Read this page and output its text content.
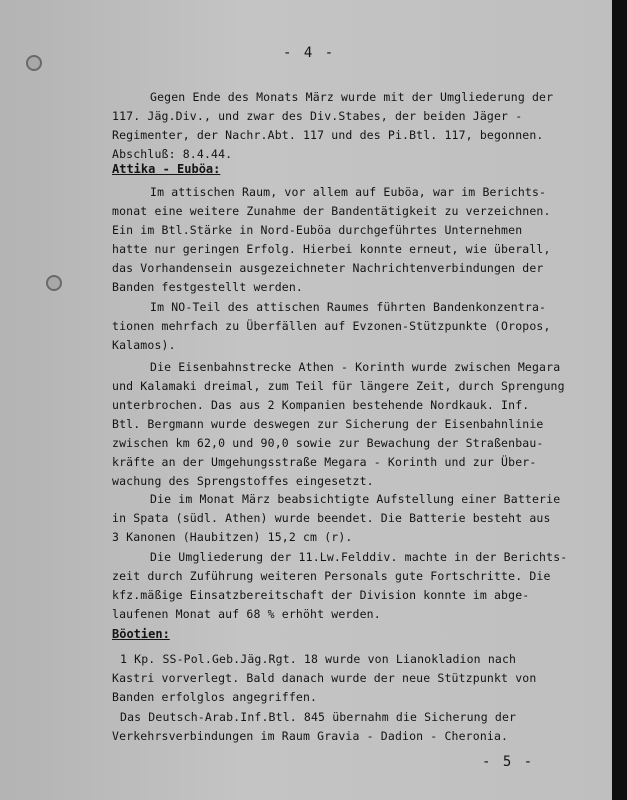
- 4 -
Gegen Ende des Monats März wurde mit der Umgliederung der
117. Jäg.Div., und zwar des Div.Stabes, der beiden Jäger -
Regimenter, der Nachr.Abt. 117 und des Pi.Btl. 117, begonnen.
Abschluß: 8.4.44.
Attika - Euböa:
Im attischen Raum, vor allem auf Euböa, war im Berichts-
monat eine weitere Zunahme der Bandentätigkeit zu verzeichnen.
Ein im Btl.Stärke in Nord-Euböa durchgeführtes Unternehmen
hatte nur geringen Erfolg. Hierbei konnte erneut, wie überall,
das Vorhandensein ausgezeichneter Nachrichtenverbindungen der
Banden festgestellt werden.
Im NO-Teil des attischen Raumes führten Bandenkonzentra-
tionen mehrfach zu Überfällen auf Evzonen-Stützpunkte (Oropos,
Kalamos).
Die Eisenbahnstrecke Athen - Korinth wurde zwischen Megara
und Kalamaki dreimal, zum Teil für längere Zeit, durch Sprengung
unterbrochen. Das aus 2 Kompanien bestehende Nordkauk. Inf.
Btl. Bergmann wurde deswegen zur Sicherung der Eisenbahnlinie
zwischen km 62,0 und 90,0 sowie zur Bewachung der Straßenbau-
kräfte an der Umgehungsstraße Megara - Korinth und zur Über-
wachung des Sprengstoffes eingesetzt.
Die im Monat März beabsichtigte Aufstellung einer Batterie
in Spata (südl. Athen) wurde beendet. Die Batterie besteht aus
3 Kanonen (Haubitzen) 15,2 cm (r).
Die Umgliederung der 11.Lw.Felddiv. machte in der Berichts-
zeit durch Zuführung weiteren Personals gute Fortschritte. Die
kfz.mäßige Einsatzbereitschaft der Division konnte im abge-
laufenen Monat auf 68 % erhöht werden.
Böotien:
1 Kp. SS-Pol.Geb.Jäg.Rgt. 18 wurde von Lianokladion nach
Kastri vorverlegt. Bald danach wurde der neue Stützpunkt von
Banden erfolglos angegriffen.
Das Deutsch-Arab.Inf.Btl. 845 übernahm die Sicherung der
Verkehrsverbindungen im Raum Gravia - Dadion - Cheronia.
- 5 -
